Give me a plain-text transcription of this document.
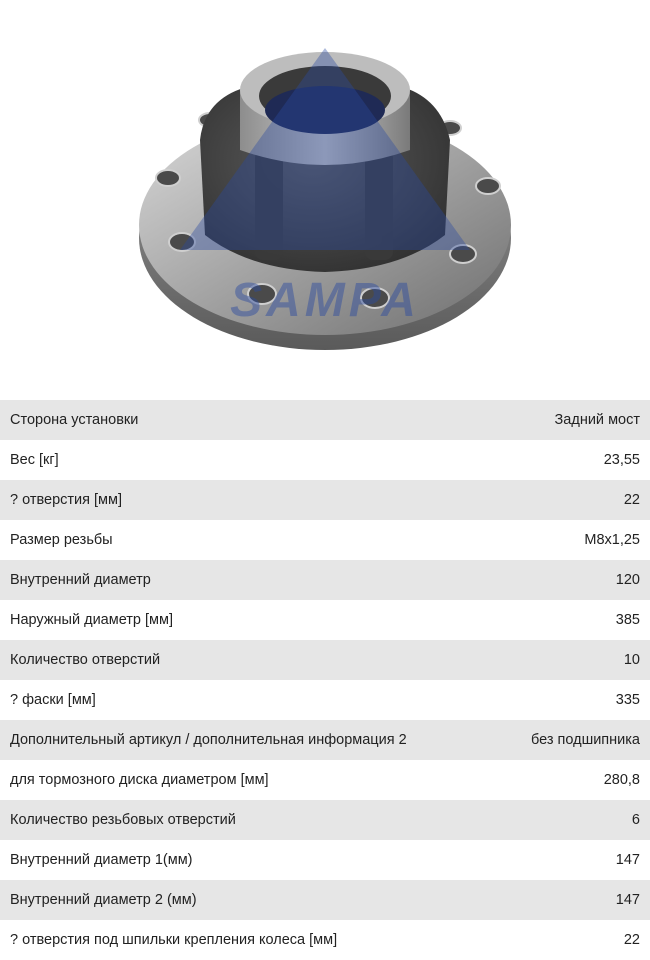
SAMPA
Сторона установки	Задний мост
Вес [кг]	23,55
? отверстия [мм]	22
Размер резьбы	M8x1,25
Внутренний диаметр	120
Наружный диаметр [мм]	385
Количество отверстий	10
? фаски [мм]	335
Дополнительный артикул / дополнительная информация 2	без подшипника
для тормозного диска диаметром [мм]	280,8
Количество резьбовых отверстий	6
Внутренний диаметр 1(мм)	147
Внутренний диаметр 2 (мм)	147
? отверстия под шпильки крепления колеса [мм]	22
